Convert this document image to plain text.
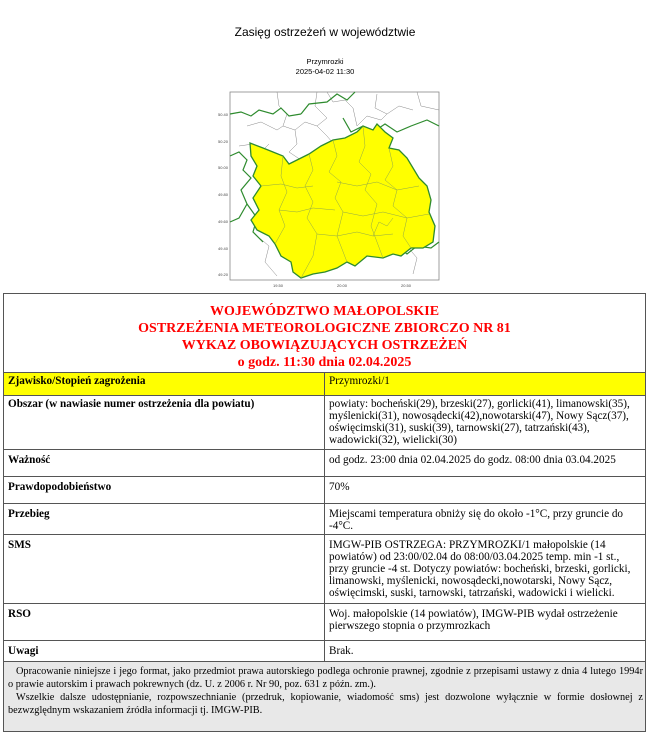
Zasięg ostrzeżeń w województwie
Przymrozki
2025-04-02 11:30
50.40
50.20
50.00
49.80
49.60
49.40
49.20
19.50	20.00	20.50
WOJEWÓDZTWO MAŁOPOLSKIE
OSTRZEŻENIA METEOROLOGICZNE ZBIORCZO NR 81
WYKAZ OBOWIĄZUJĄCYCH OSTRZEŻEŃ
o godz. 11:30 dnia 02.04.2025	

Zjawisko/Stopień zagrożenia	Przymrozki/1
Obszar (w nawiasie numer ostrzeżenia dla powiatu)	powiaty: bocheński(29), brzeski(27), gorlicki(41), limanowski(35), myślenicki(31), nowosądecki(42),nowotarski(47), Nowy Sącz(37), oświęcimski(31), suski(39), tarnowski(27), tatrzański(43), wadowicki(32), wielicki(30)
Ważność	od godz. 23:00 dnia 02.04.2025 do godz. 08:00 dnia 03.04.2025
Prawdopodobieństwo	70%
Przebieg	Miejscami temperatura obniży się do około -1°C, przy gruncie do -4°C.
SMS	IMGW-PIB OSTRZEGA: PRZYMROZKI/1 małopolskie (14 powiatów) od 23:00/02.04 do 08:00/03.04.2025 temp. min -1 st., przy gruncie -4 st. Dotyczy powiatów: bocheński, brzeski, gorlicki, limanowski, myślenicki, nowosądecki,nowotarski, Nowy Sącz, oświęcimski, suski, tarnowski, tatrzański, wadowicki i wielicki.
RSO	Woj. małopolskie (14 powiatów), IMGW-PIB wydał ostrzeżenie pierwszego stopnia o przymrozkach
Uwagi	Brak.

Opracowanie niniejsze i jego format, jako przedmiot prawa autorskiego podlega ochronie prawnej, zgodnie z przepisami ustawy z dnia 4 lutego 1994r o prawie autorskim i prawach pokrewnych (dz. U. z 2006 r. Nr 90, poz. 631 z późn. zm.).

Wszelkie dalsze udostępnianie, rozpowszechnianie (przedruk, kopiowanie, wiadomość sms) jest dozwolone wyłącznie w formie dosłownej z bezwzględnym wskazaniem źródła informacji tj. IMGW-PIB.
